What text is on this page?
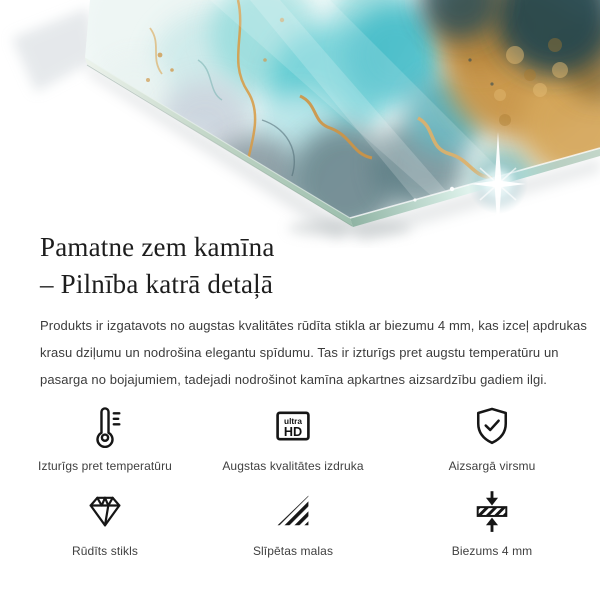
Pamatne zem kamīna
– Pilnība katrā detaļā

Produkts ir izgatavots no augstas kvalitātes rūdīta stikla ar biezumu 4 mm, kas izceļ apdrukas krasu dziļumu un nodrošina elegantu spīdumu. Tas ir izturīgs pret augstu temperatūru un pasarga no bojajumiem, tadejadi nodrošinot kamīna apkartnes aizsardzību gadiem ilgi.

Izturīgs pret temperatūru
ultra
HD
Augstas kvalitātes izdruka	Aizsargā virsmu
Rūdīts stikls	Slīpētas malas	Biezums 4 mm
